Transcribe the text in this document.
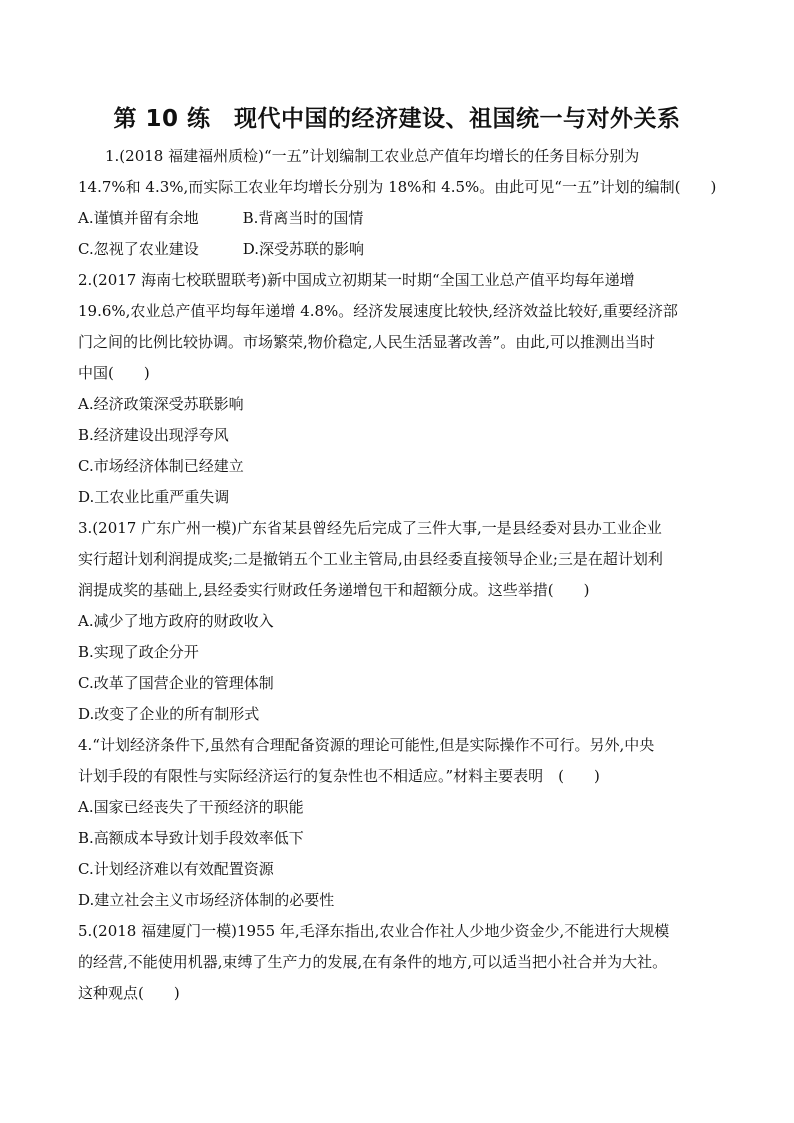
第 10 练　现代中国的经济建设、祖国统一与对外关系
1.(2018 福建福州质检)“一五”计划编制工农业总产值年均增长的任务目标分别为
14.7%和 4.3%,而实际工农业年均增长分别为 18%和 4.5%。由此可见“一五”计划的编制(　　)
A.谨慎并留有余地	B.背离当时的国情
C.忽视了农业建设	D.深受苏联的影响
2.(2017 海南七校联盟联考)新中国成立初期某一时期“全国工业总产值平均每年递增
19.6%,农业总产值平均每年递增 4.8%。经济发展速度比较快,经济效益比较好,重要经济部
门之间的比例比较协调。市场繁荣,物价稳定,人民生活显著改善”。由此,可以推测出当时
中国(　　)
A.经济政策深受苏联影响
B.经济建设出现浮夸风
C.市场经济体制已经建立
D.工农业比重严重失调
3.(2017 广东广州一模)广东省某县曾经先后完成了三件大事,一是县经委对县办工业企业
实行超计划利润提成奖;二是撤销五个工业主管局,由县经委直接领导企业;三是在超计划利
润提成奖的基础上,县经委实行财政任务递增包干和超额分成。这些举措(　　)
A.减少了地方政府的财政收入
B.实现了政企分开
C.改革了国营企业的管理体制
D.改变了企业的所有制形式
4.“计划经济条件下,虽然有合理配备资源的理论可能性,但是实际操作不可行。另外,中央
计划手段的有限性与实际经济运行的复杂性也不相适应。”材料主要表明　(　　)
A.国家已经丧失了干预经济的职能
B.高额成本导致计划手段效率低下
C.计划经济难以有效配置资源
D.建立社会主义市场经济体制的必要性
5.(2018 福建厦门一模)1955 年,毛泽东指出,农业合作社人少地少资金少,不能进行大规模
的经营,不能使用机器,束缚了生产力的发展,在有条件的地方,可以适当把小社合并为大社。
这种观点(　　)
